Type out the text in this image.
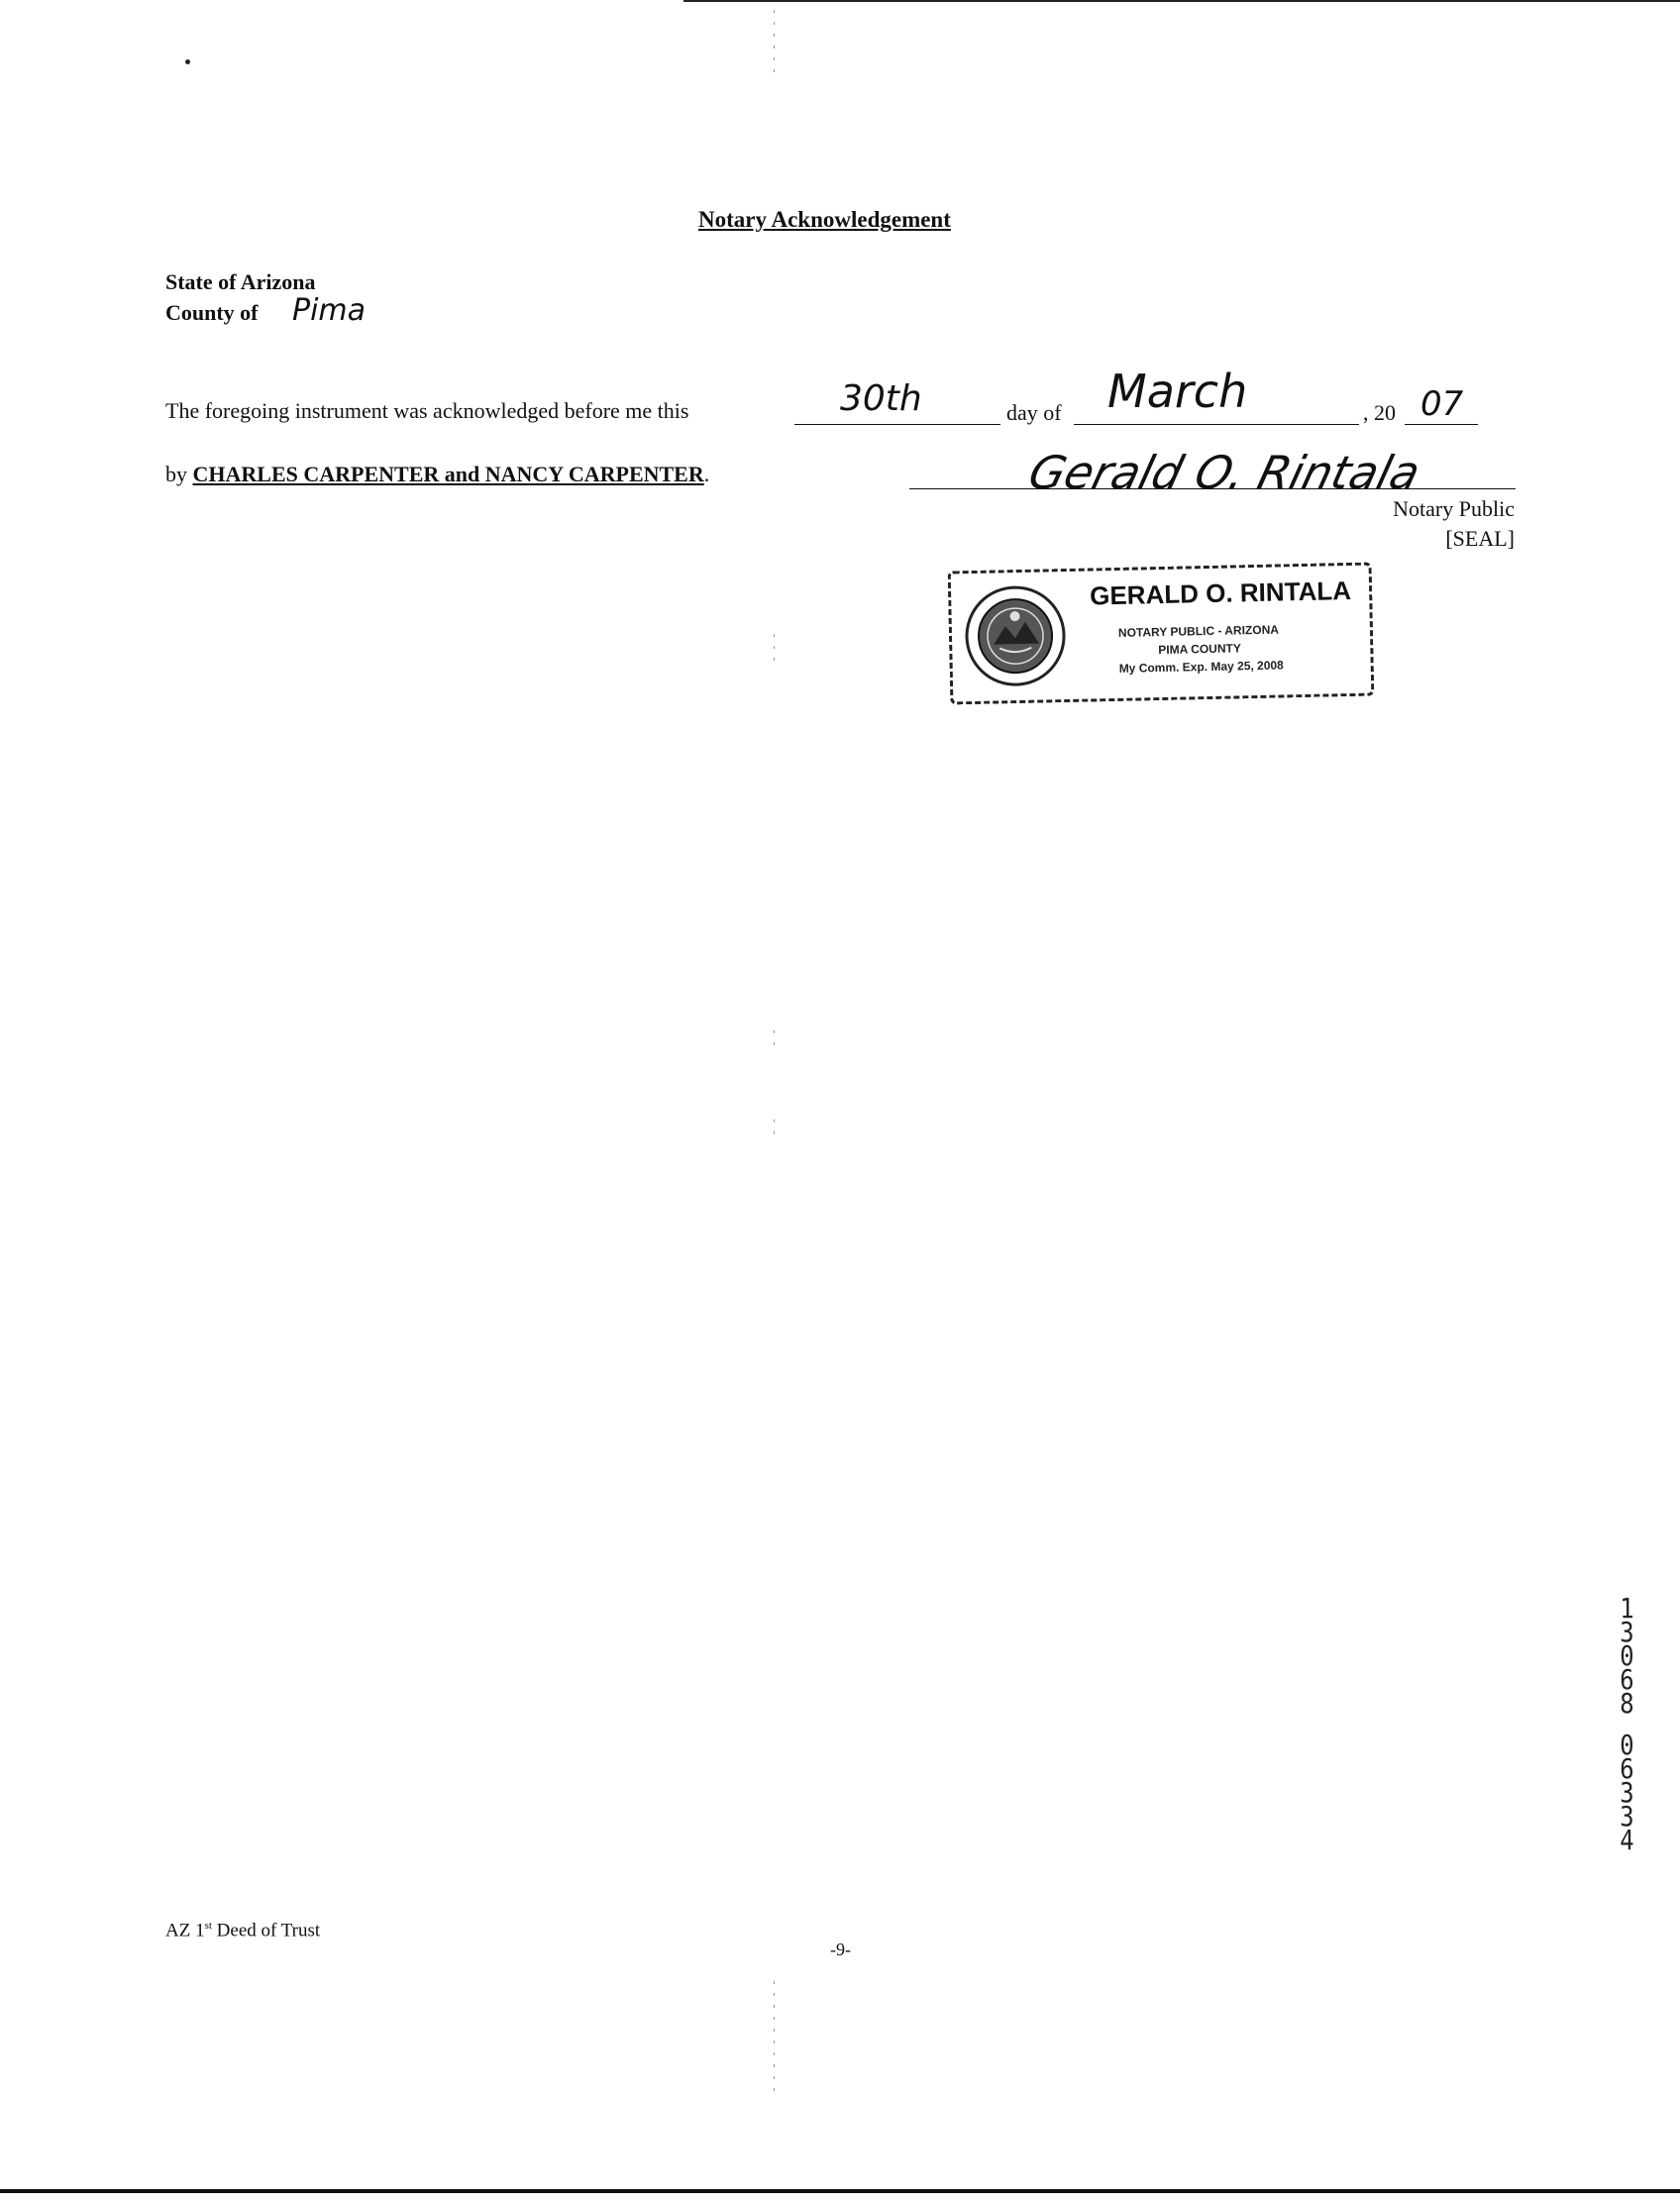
Notary Acknowledgement
State of Arizona
County of Pima
The foregoing instrument was acknowledged before me this	30th	day of March	, 20 07
by CHARLES CARPENTER and NANCY CARPENTER.	Gerald O. Rintala
Notary Public
[SEAL]
GERALD O. RINTALA
NOTARY PUBLIC - ARIZONA
PIMA COUNTY
My Comm. Exp. May 25, 2008
AZ 1st Deed of Trust
-9-
1
3
0
6
8
0
6
3
3
4
